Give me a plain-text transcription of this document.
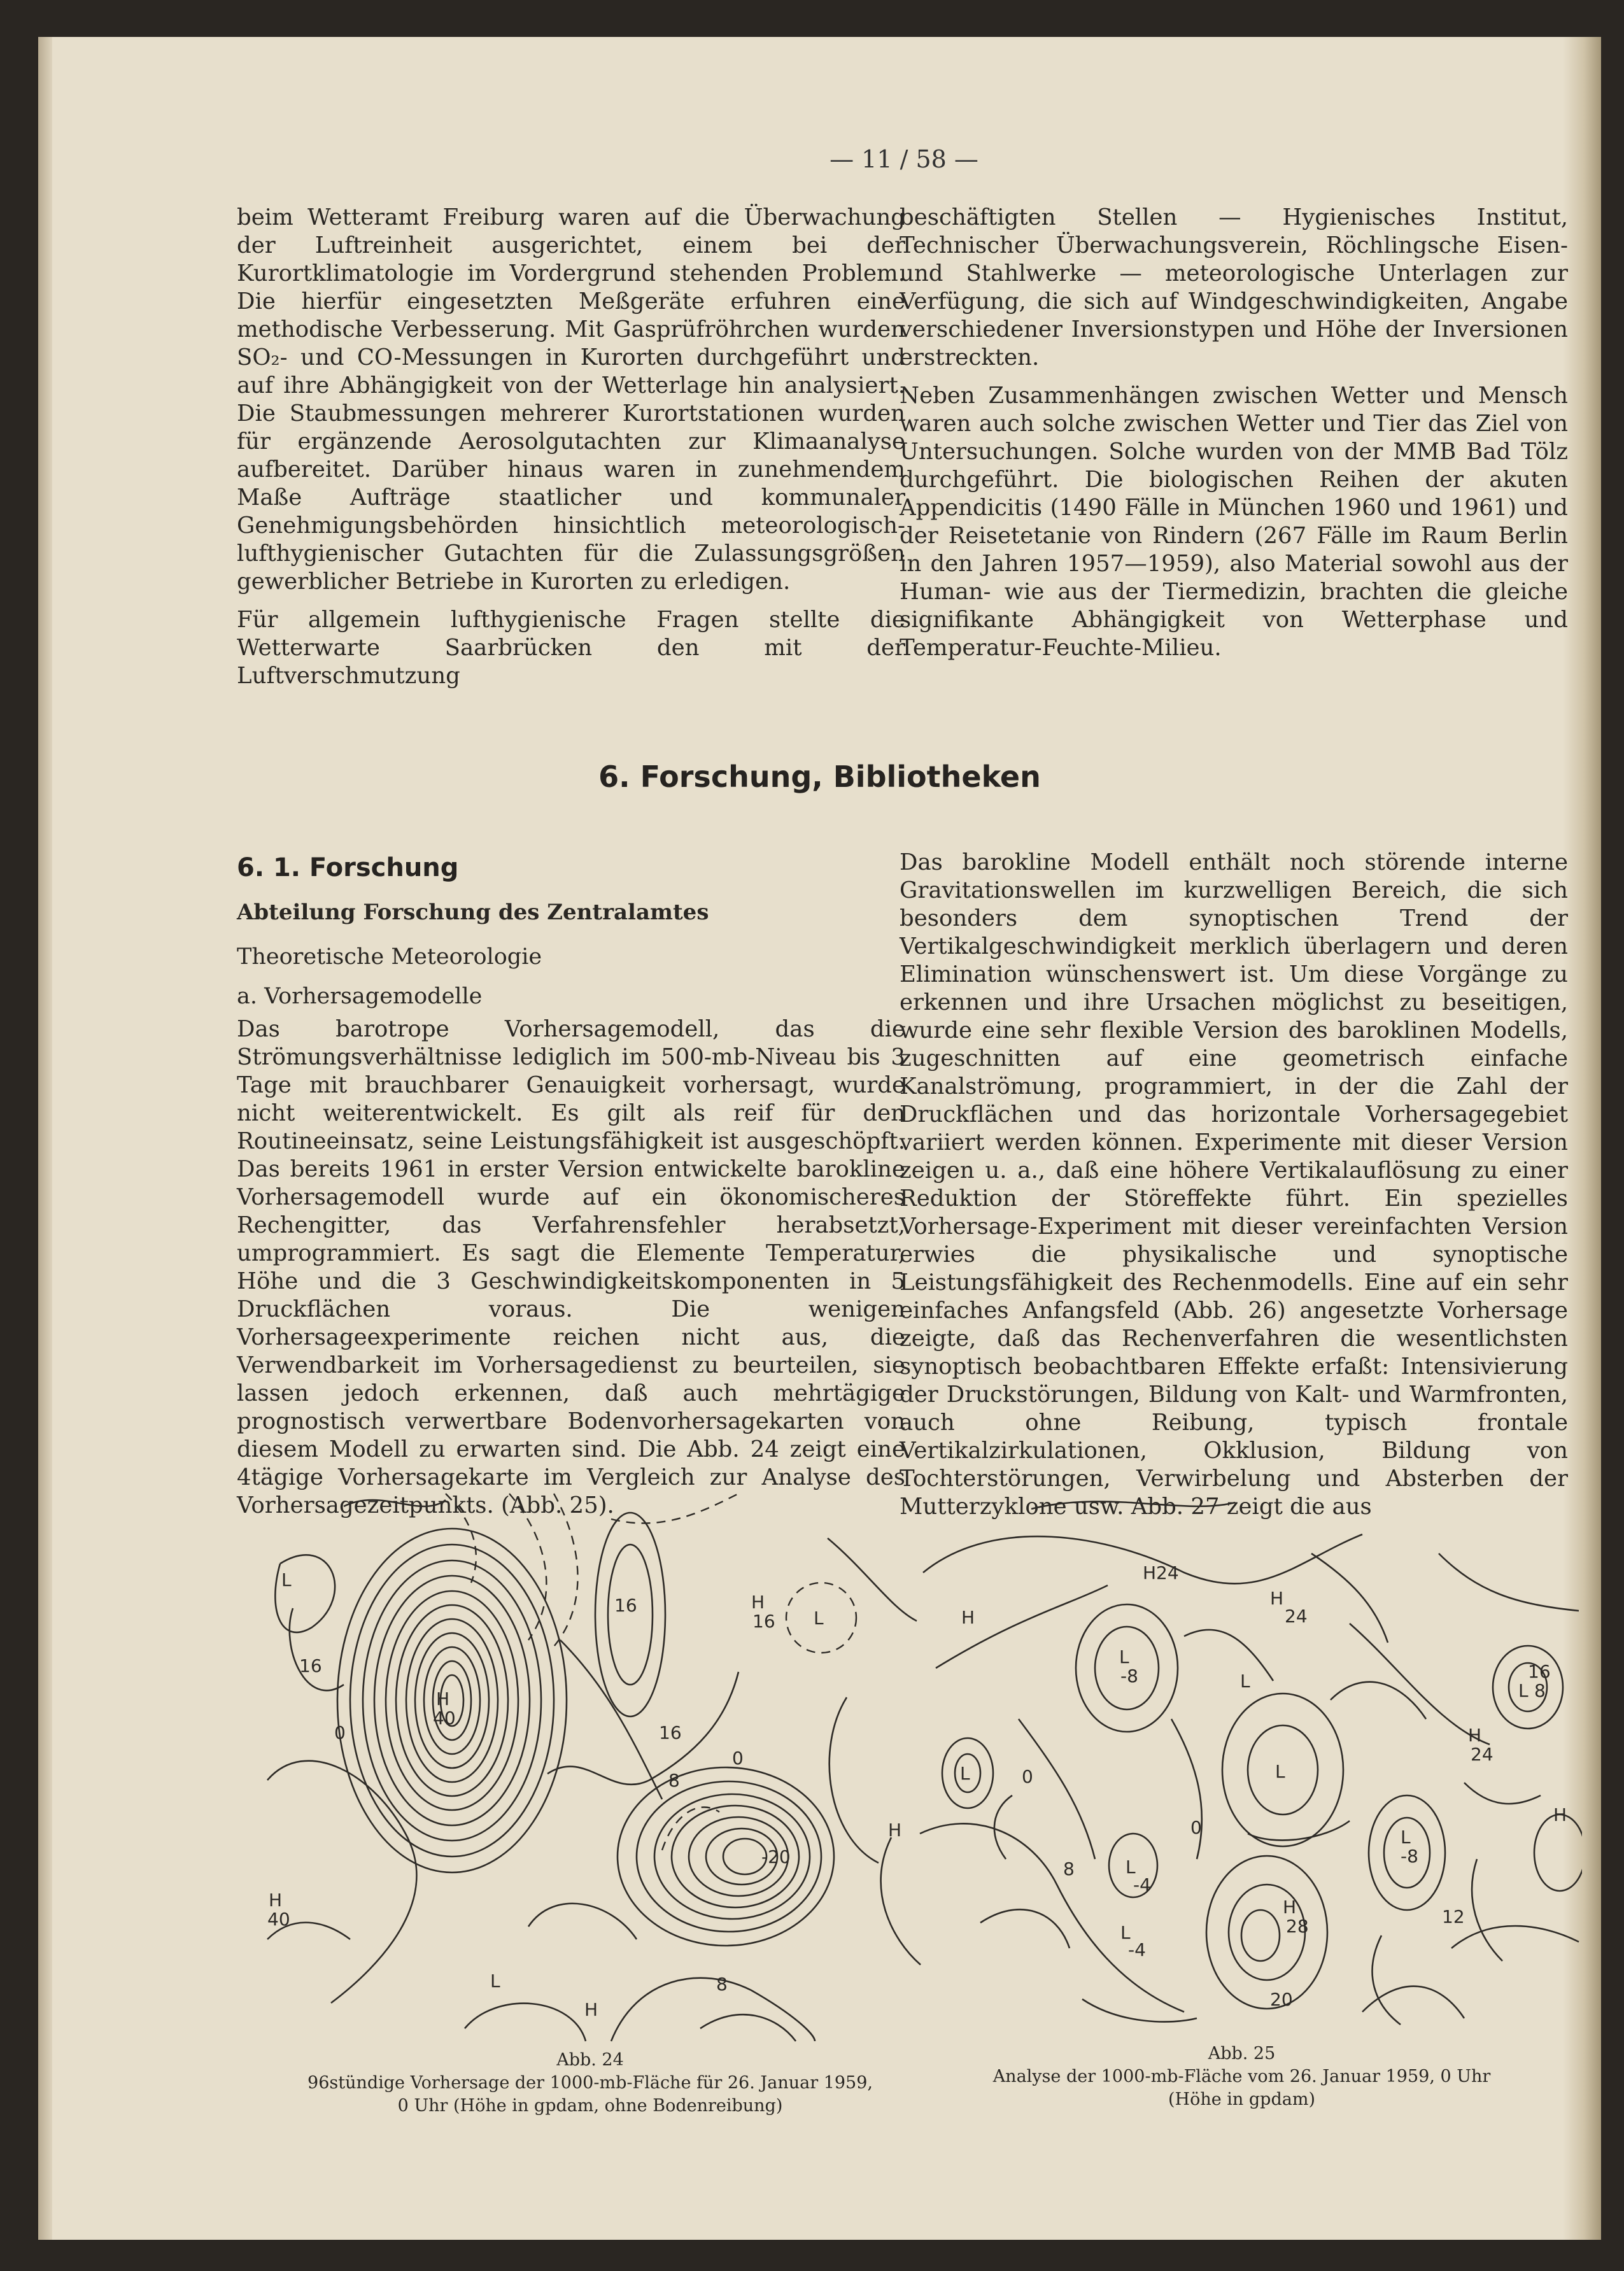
— 11 / 58 —

beim Wetteramt Freiburg waren auf die Überwachung der Luftreinheit ausgerichtet, einem bei der Kurortklimatologie im Vordergrund stehenden Problem. Die hierfür eingesetzten Meßgeräte erfuhren eine methodische Verbesserung. Mit Gasprüfröhrchen wurden SO₂- und CO-Messungen in Kurorten durchgeführt und auf ihre Abhängigkeit von der Wetterlage hin analysiert. Die Staubmessungen mehrerer Kurortstationen wurden für ergänzende Aerosolgutachten zur Klimaanalyse aufbereitet. Darüber hinaus waren in zunehmendem Maße Aufträge staatlicher und kommunaler Genehmigungsbehörden hinsichtlich meteorologisch-lufthygienischer Gutachten für die Zulassungsgrößen gewerblicher Betriebe in Kurorten zu erledigen.

Für allgemein lufthygienische Fragen stellte die Wetterwarte Saarbrücken den mit der Luftverschmutzung

beschäftigten Stellen — Hygienisches Institut, Technischer Überwachungsverein, Röchlingsche Eisen- und Stahlwerke — meteorologische Unterlagen zur Verfügung, die sich auf Windgeschwindigkeiten, Angabe verschiedener Inversionstypen und Höhe der Inversionen erstreckten.

Neben Zusammenhängen zwischen Wetter und Mensch waren auch solche zwischen Wetter und Tier das Ziel von Untersuchungen. Solche wurden von der MMB Bad Tölz durchgeführt. Die biologischen Reihen der akuten Appendicitis (1490 Fälle in München 1960 und 1961) und der Reisetetanie von Rindern (267 Fälle im Raum Berlin in den Jahren 1957—1959), also Material sowohl aus der Human- wie aus der Tiermedizin, brachten die gleiche signifikante Abhängigkeit von Wetterphase und Temperatur-Feuchte-Milieu.

6. Forschung, Bibliotheken
6. 1. Forschung
Abteilung Forschung des Zentralamtes
Theoretische Meteorologie
a. Vorhersagemodelle

Das barotrope Vorhersagemodell, das die Strömungsverhältnisse lediglich im 500-mb-Niveau bis 3 Tage mit brauchbarer Genauigkeit vorhersagt, wurde nicht weiterentwickelt. Es gilt als reif für den Routineeinsatz, seine Leistungsfähigkeit ist ausgeschöpft. Das bereits 1961 in erster Version entwickelte barokline Vorhersagemodell wurde auf ein ökonomischeres Rechengitter, das Verfahrensfehler herabsetzt, umprogrammiert. Es sagt die Elemente Temperatur, Höhe und die 3 Geschwindigkeitskomponenten in 5 Druckflächen voraus. Die wenigen Vorhersageexperimente reichen nicht aus, die Verwendbarkeit im Vorhersagedienst zu beurteilen, sie lassen jedoch erkennen, daß auch mehrtägige prognostisch verwertbare Bodenvorhersagekarten von diesem Modell zu erwarten sind. Die Abb. 24 zeigt eine 4tägige Vorhersagekarte im Vergleich zur Analyse des Vorhersagezeitpunkts. (Abb. 25).

Das barokline Modell enthält noch störende interne Gravitationswellen im kurzwelligen Bereich, die sich besonders dem synoptischen Trend der Vertikalgeschwindigkeit merklich überlagern und deren Elimination wünschenswert ist. Um diese Vorgänge zu erkennen und ihre Ursachen möglichst zu beseitigen, wurde eine sehr flexible Version des baroklinen Modells, zugeschnitten auf eine geometrisch einfache Kanalströmung, programmiert, in der die Zahl der Druckflächen und das horizontale Vorhersagegebiet variiert werden können. Experimente mit dieser Version zeigen u. a., daß eine höhere Vertikalauflösung zu einer Reduktion der Störeffekte führt. Ein spezielles Vorhersage-Experiment mit dieser vereinfachten Version erwies die physikalische und synoptische Leistungsfähigkeit des Rechenmodells. Eine auf ein sehr einfaches Anfangsfeld (Abb. 26) angesetzte Vorhersage zeigte, daß das Rechenverfahren die wesentlichsten synoptisch beobachtbaren Effekte erfaßt: Intensivierung der Druckstörungen, Bildung von Kalt- und Warmfronten, auch ohne Reibung, typisch frontale Vertikalzirkulationen, Okklusion, Bildung von Tochterstörungen, Verwirbelung und Absterben der Mutterzyklone usw. Abb. 27 zeigt die aus

L
16
0
H
40
16	H
16 L
16
8
-20
0
H
H
40
L
H
8
Abb. 24
96stündige Vorhersage der 1000-mb-Fläche für 26. Januar 1959,
0 Uhr (Höhe in gpdam, ohne Bodenreibung)
H
H24
H
24
L
-8	L	16
L 8
L	0
H
24
H
L
L
-4
H
28
L
-8
12
20
8
0
L
-4
Abb. 25
Analyse der 1000-mb-Fläche vom 26. Januar 1959, 0 Uhr
(Höhe in gpdam)
